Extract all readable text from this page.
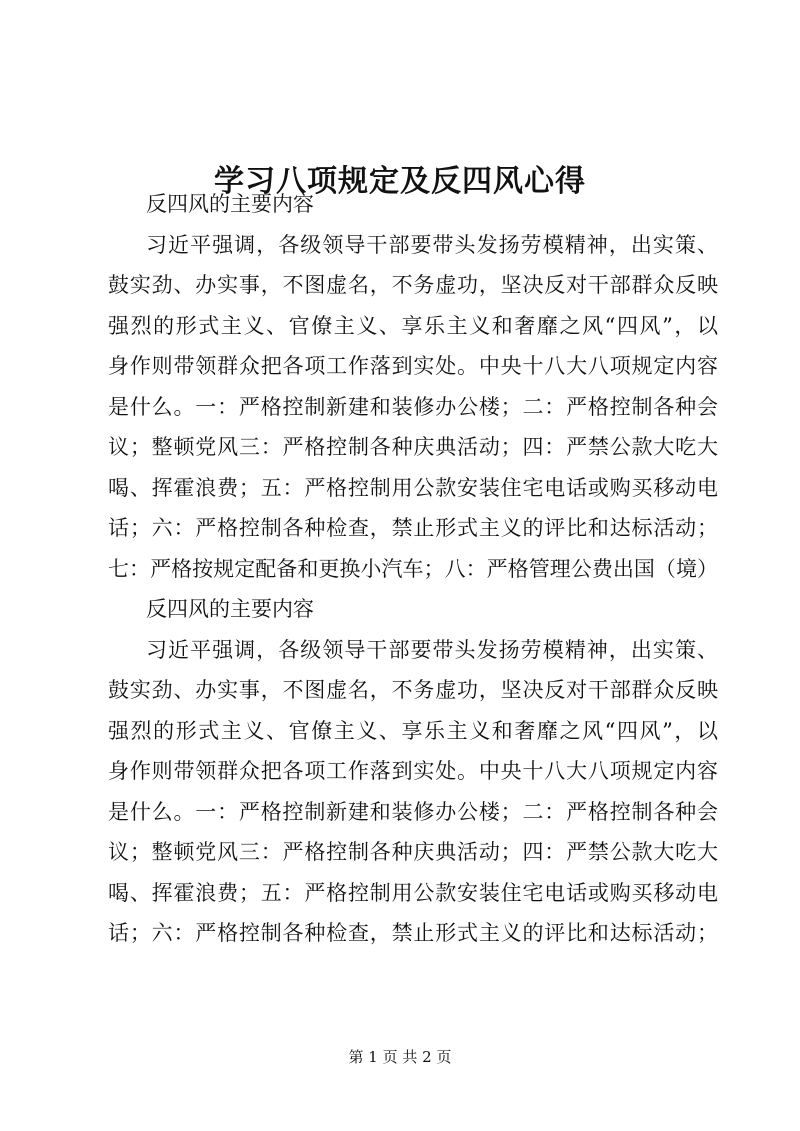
学习八项规定及反四风心得

反四风的主要内容

习近平强调，各级领导干部要带头发扬劳模精神，出实策、
鼓实劲、办实事，不图虚名，不务虚功，坚决反对干部群众反映
强烈的形式主义、官僚主义、享乐主义和奢靡之风“四风”，以
身作则带领群众把各项工作落到实处。中央十八大八项规定内容
是什么。一：严格控制新建和装修办公楼；二：严格控制各种会
议；整顿党风三：严格控制各种庆典活动；四：严禁公款大吃大
喝、挥霍浪费；五：严格控制用公款安装住宅电话或购买移动电
话；六：严格控制各种检查，禁止形式主义的评比和达标活动；
七：严格按规定配备和更换小汽车；八：严格管理公费出国（境）

反四风的主要内容

习近平强调，各级领导干部要带头发扬劳模精神，出实策、
鼓实劲、办实事，不图虚名，不务虚功，坚决反对干部群众反映
强烈的形式主义、官僚主义、享乐主义和奢靡之风“四风”，以
身作则带领群众把各项工作落到实处。中央十八大八项规定内容
是什么。一：严格控制新建和装修办公楼；二：严格控制各种会
议；整顿党风三：严格控制各种庆典活动；四：严禁公款大吃大
喝、挥霍浪费；五：严格控制用公款安装住宅电话或购买移动电
话；六：严格控制各种检查，禁止形式主义的评比和达标活动；
第 1 页 共 2 页
